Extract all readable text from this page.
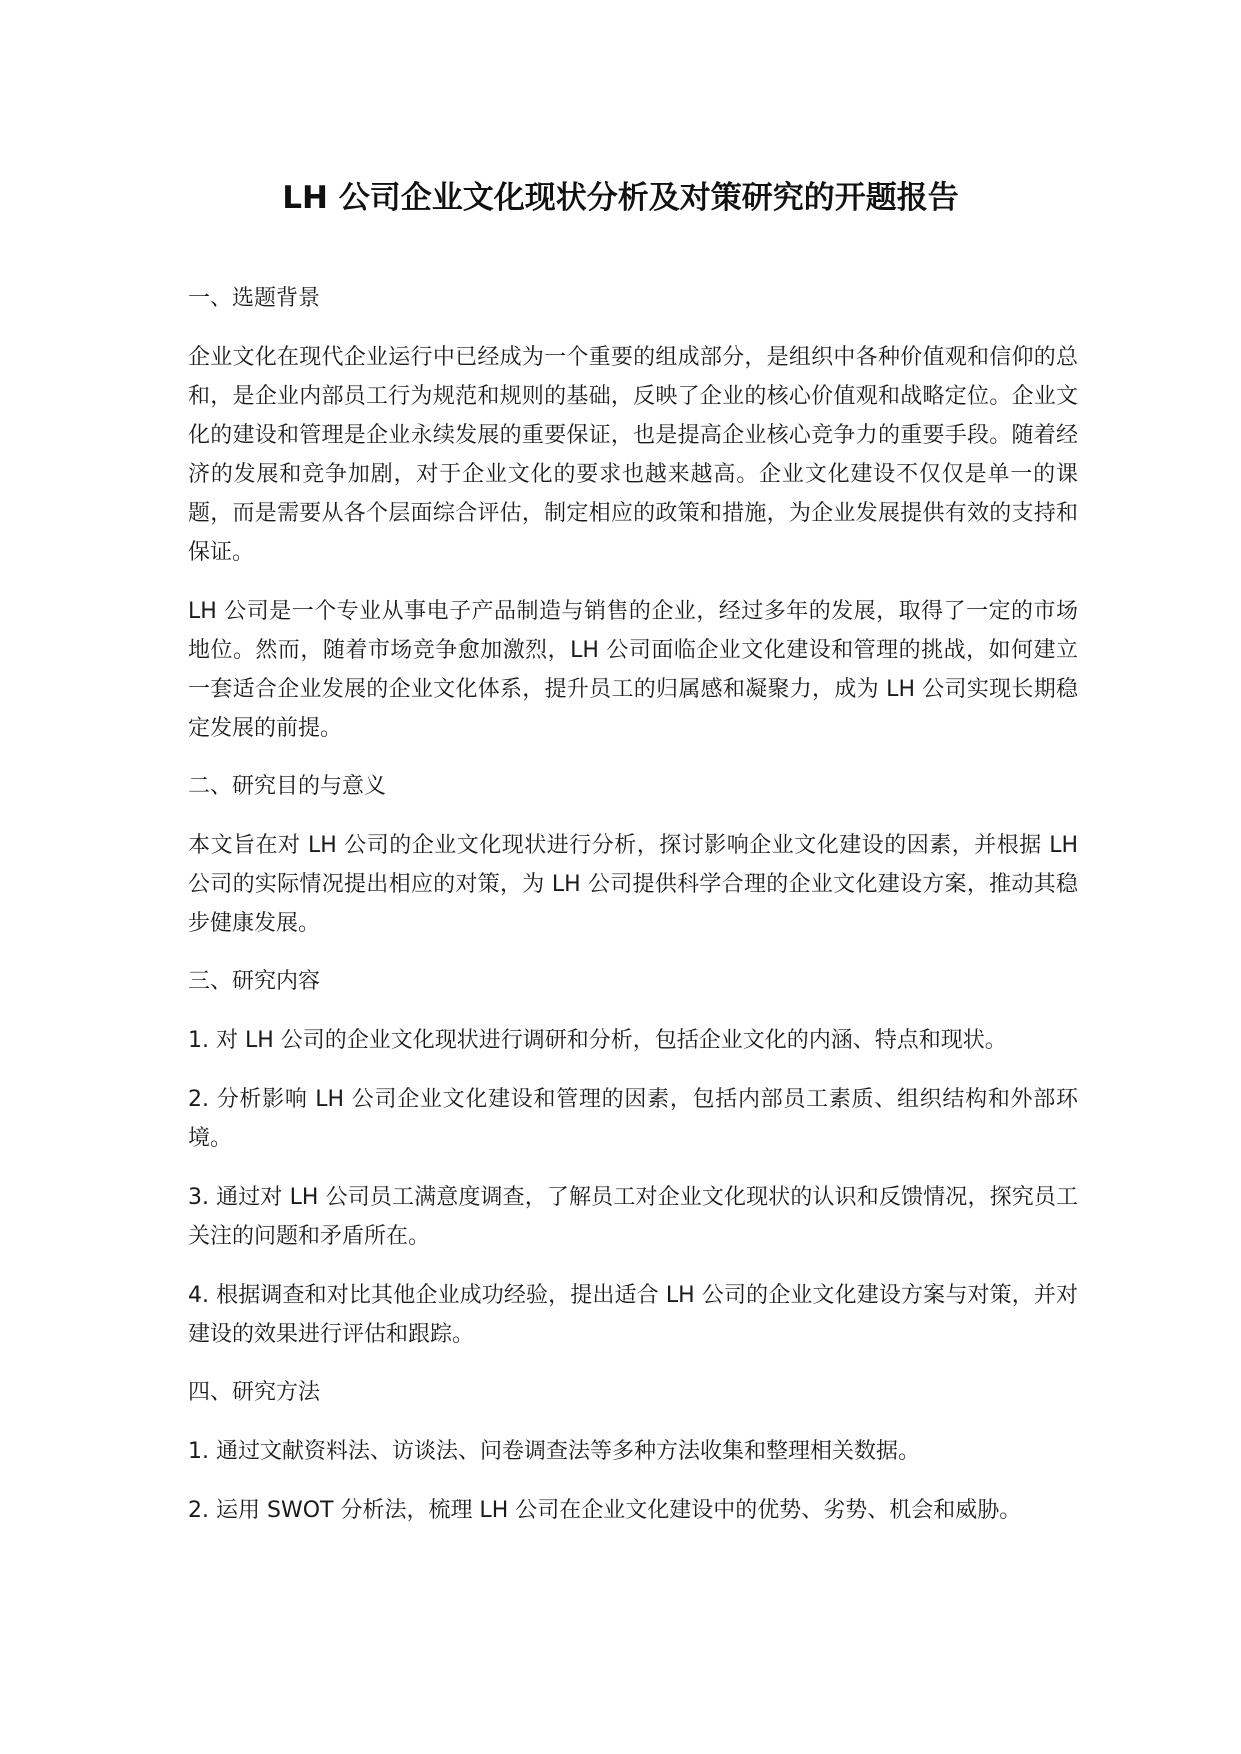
LH 公司企业文化现状分析及对策研究的开题报告

一、选题背景

企业文化在现代企业运行中已经成为一个重要的组成部分，是组织中各种价值观和信仰的总和，是企业内部员工行为规范和规则的基础，反映了企业的核心价值观和战略定位。企业文化的建设和管理是企业永续发展的重要保证，也是提高企业核心竞争力的重要手段。随着经济的发展和竞争加剧，对于企业文化的要求也越来越高。企业文化建设不仅仅是单一的课题，而是需要从各个层面综合评估，制定相应的政策和措施，为企业发展提供有效的支持和保证。

LH 公司是一个专业从事电子产品制造与销售的企业，经过多年的发展，取得了一定的市场地位。然而，随着市场竞争愈加激烈，LH 公司面临企业文化建设和管理的挑战，如何建立一套适合企业发展的企业文化体系，提升员工的归属感和凝聚力，成为 LH 公司实现长期稳定发展的前提。

二、研究目的与意义

本文旨在对 LH 公司的企业文化现状进行分析，探讨影响企业文化建设的因素，并根据 LH 公司的实际情况提出相应的对策，为 LH 公司提供科学合理的企业文化建设方案，推动其稳步健康发展。

三、研究内容

1. 对 LH 公司的企业文化现状进行调研和分析，包括企业文化的内涵、特点和现状。

2. 分析影响 LH 公司企业文化建设和管理的因素，包括内部员工素质、组织结构和外部环境。

3. 通过对 LH 公司员工满意度调查，了解员工对企业文化现状的认识和反馈情况，探究员工关注的问题和矛盾所在。

4. 根据调查和对比其他企业成功经验，提出适合 LH 公司的企业文化建设方案与对策，并对建设的效果进行评估和跟踪。

四、研究方法

1. 通过文献资料法、访谈法、问卷调查法等多种方法收集和整理相关数据。

2. 运用 SWOT 分析法，梳理 LH 公司在企业文化建设中的优势、劣势、机会和威胁。
